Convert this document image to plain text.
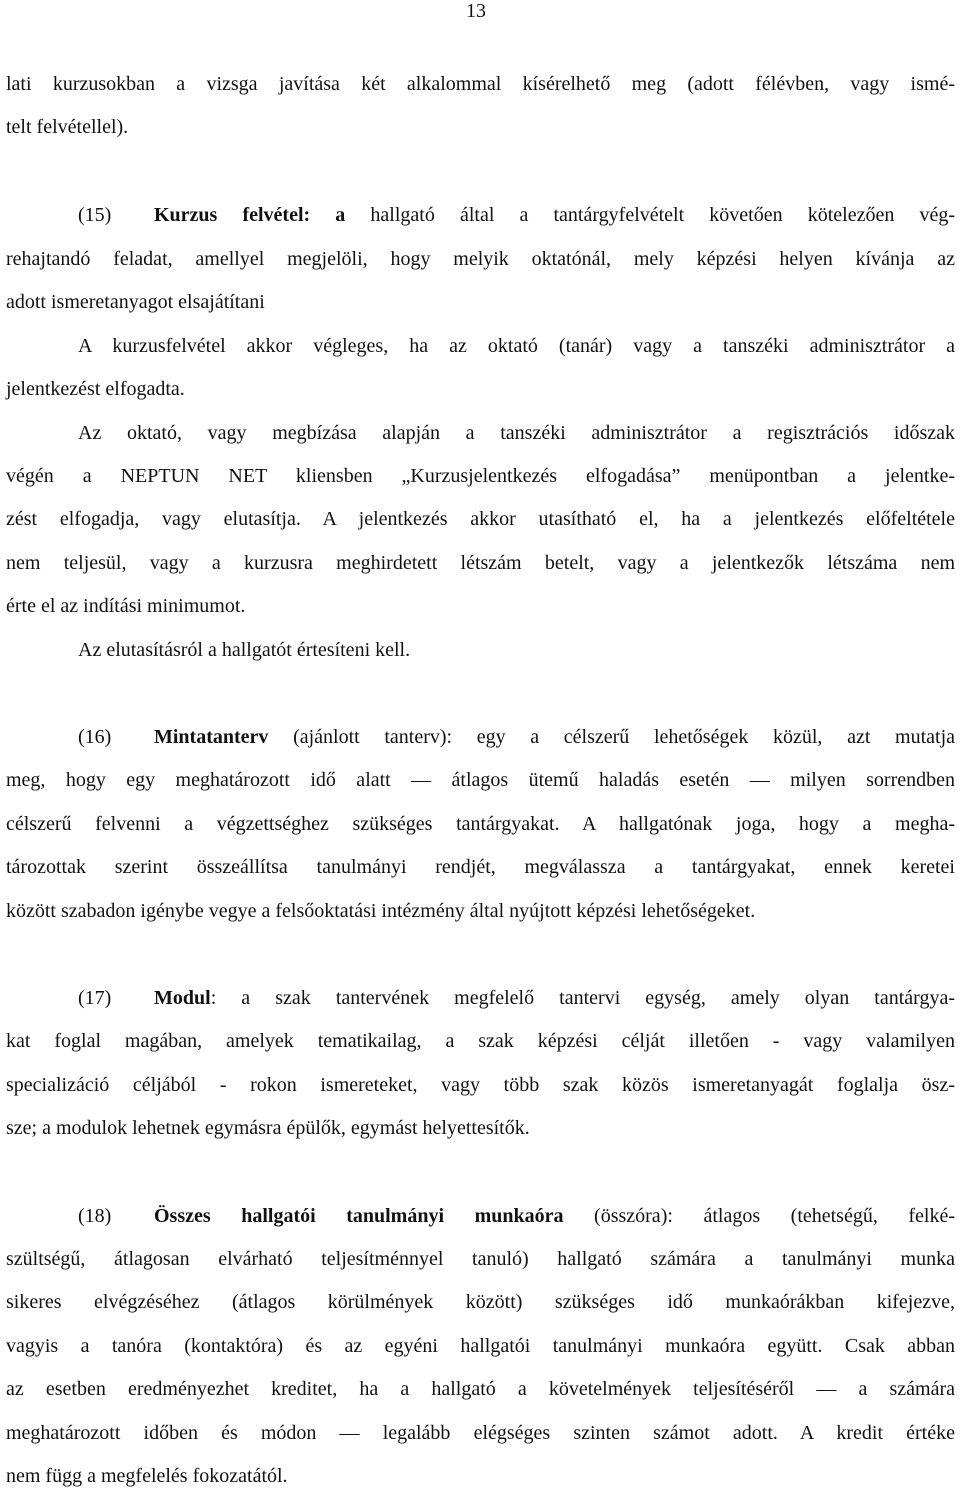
13
lati kurzusokban a vizsga javítása két alkalommal kísérelhető meg (adott félévben, vagy ismé-
telt felvétellel).
(15) Kurzus felvétel: a hallgató által a tantárgyfelvételt követően kötelezően vég-
rehajtandó feladat, amellyel megjelöli, hogy melyik oktatónál, mely képzési helyen kívánja az
adott ismeretanyagot elsajátítani
A kurzusfelvétel akkor végleges, ha az oktató (tanár) vagy a tanszéki adminisztrátor a
jelentkezést elfogadta.
Az oktató, vagy megbízása alapján a tanszéki adminisztrátor a regisztrációs időszak
végén a NEPTUN NET kliensben „Kurzusjelentkezés elfogadása” menüpontban a jelentke-
zést elfogadja, vagy elutasítja. A jelentkezés akkor utasítható el, ha a jelentkezés előfeltétele
nem teljesül, vagy a kurzusra meghirdetett létszám betelt, vagy a jelentkezők létszáma nem
érte el az indítási minimumot.
Az elutasításról a hallgatót értesíteni kell.
(16) Mintatanterv (ajánlott tanterv): egy a célszerű lehetőségek közül, azt mutatja
meg, hogy egy meghatározott idő alatt — átlagos ütemű haladás esetén — milyen sorrendben
célszerű felvenni a végzettséghez szükséges tantárgyakat. A hallgatónak joga, hogy a megha-
tározottak szerint összeállítsa tanulmányi rendjét, megválassza a tantárgyakat, ennek keretei
között szabadon igénybe vegye a felsőoktatási intézmény által nyújtott képzési lehetőségeket.
(17) Modul: a szak tantervének megfelelő tantervi egység, amely olyan tantárgya-
kat foglal magában, amelyek tematikailag, a szak képzési célját illetően - vagy valamilyen
specializáció céljából - rokon ismereteket, vagy több szak közös ismeretanyagát foglalja ösz-
sze; a modulok lehetnek egymásra épülők, egymást helyettesítők.
(18) Összes hallgatói tanulmányi munkaóra (összóra): átlagos (tehetségű, felké-
szültségű, átlagosan elvárható teljesítménnyel tanuló) hallgató számára a tanulmányi munka
sikeres elvégzéséhez (átlagos körülmények között) szükséges idő munkaórákban kifejezve,
vagyis a tanóra (kontaktóra) és az egyéni hallgatói tanulmányi munkaóra együtt. Csak abban
az esetben eredményezhet kreditet, ha a hallgató a követelmények teljesítéséről — a számára
meghatározott időben és módon — legalább elégséges szinten számot adott. A kredit értéke
nem függ a megfelelés fokozatától.
